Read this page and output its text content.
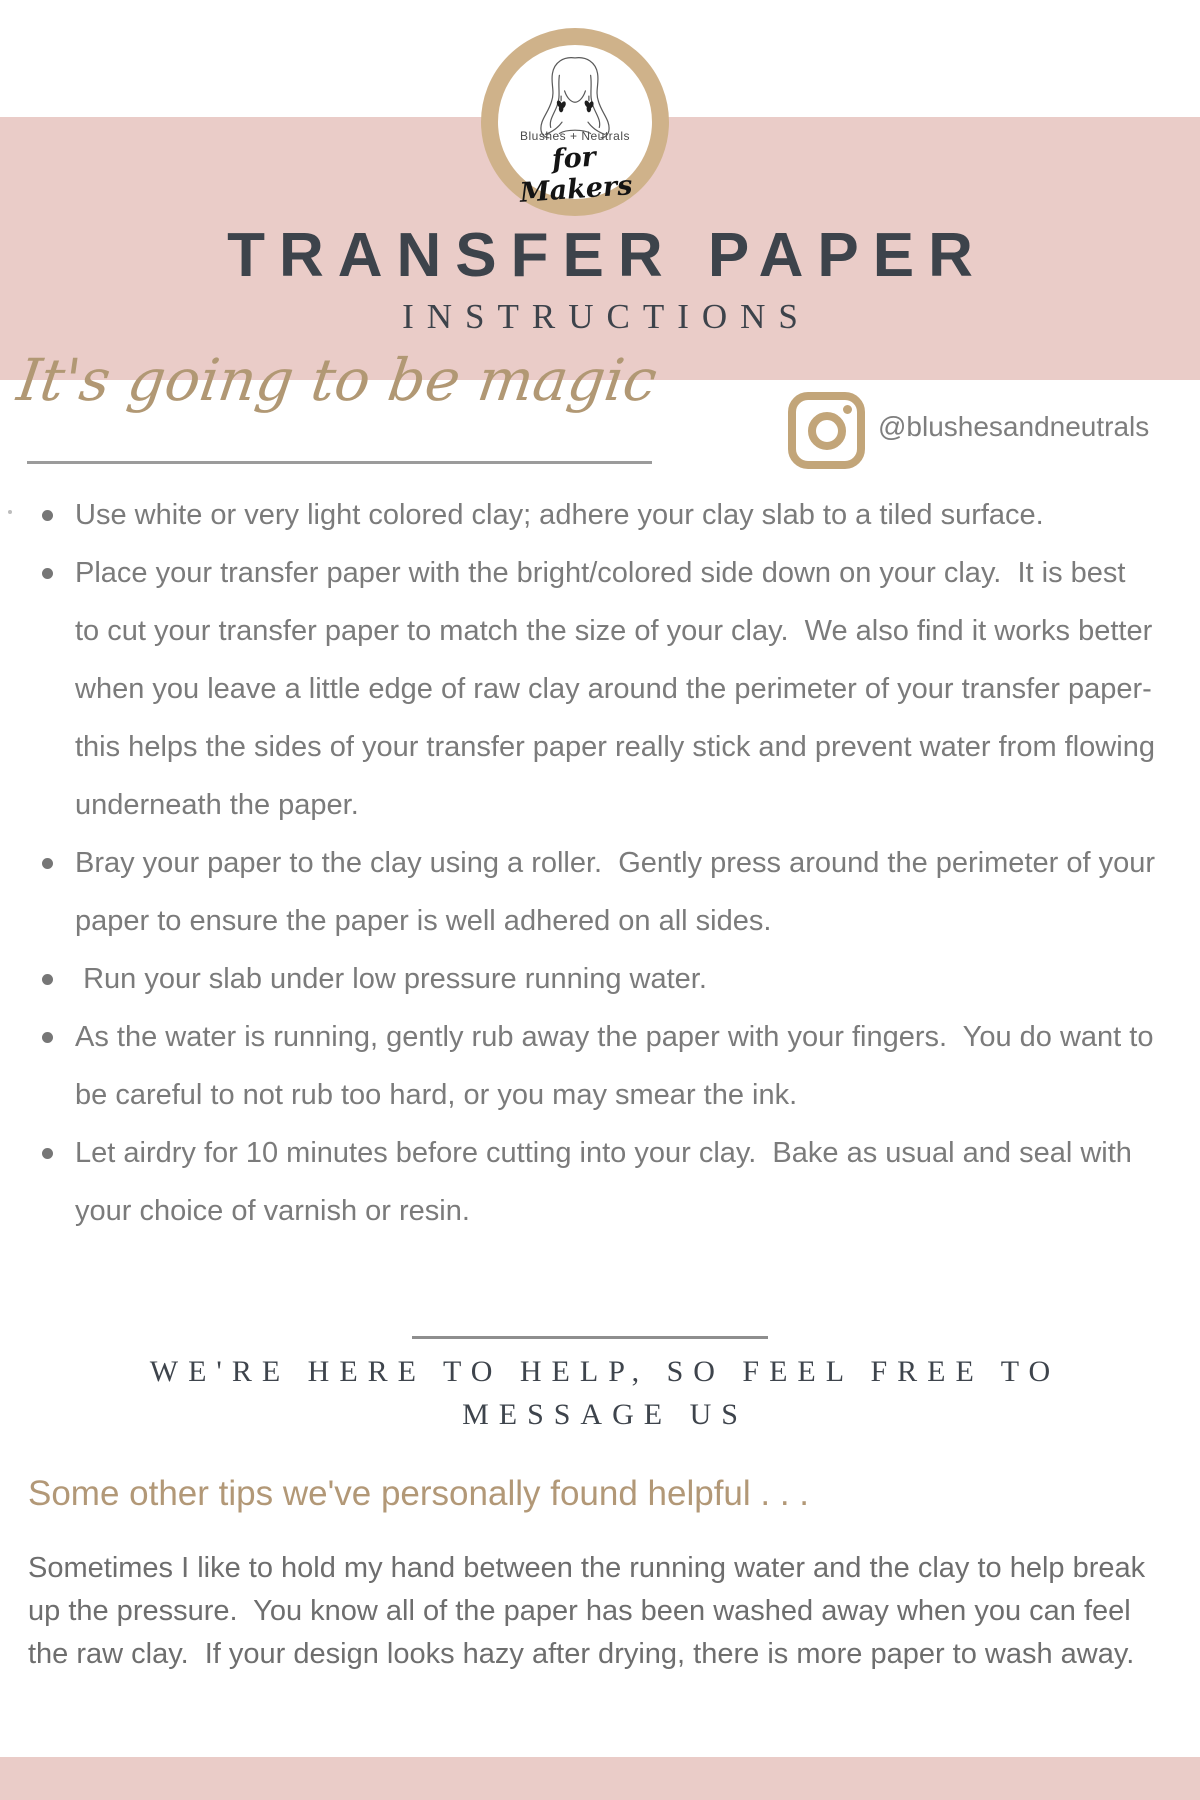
Blushes + Neutrals
for Makers
TRANSFER PAPER
INSTRUCTIONS
It's going to be magic
@blushesandneutrals
Use white or very light colored clay; adhere your clay slab to a tiled surface.
Place your transfer paper with the bright/colored side down on your clay.  It is best to cut your transfer paper to match the size of your clay.  We also find it works better when you leave a little edge of raw clay around the perimeter of your transfer paper- this helps the sides of your transfer paper really stick and prevent water from flowing underneath the paper.
Bray your paper to the clay using a roller.  Gently press around the perimeter of your paper to ensure the paper is well adhered on all sides.
Run your slab under low pressure running water.
As the water is running, gently rub away the paper with your fingers.  You do want to be careful to not rub too hard, or you may smear the ink.
Let airdry for 10 minutes before cutting into your clay.  Bake as usual and seal with your choice of varnish or resin.
WE'RE HERE TO HELP, SO FEEL FREE TO
MESSAGE US
Some other tips we've personally found helpful . . .
Sometimes I like to hold my hand between the running water and the clay to help break up the pressure.  You know all of the paper has been washed away when you can feel the raw clay.  If your design looks hazy after drying, there is more paper to wash away.
